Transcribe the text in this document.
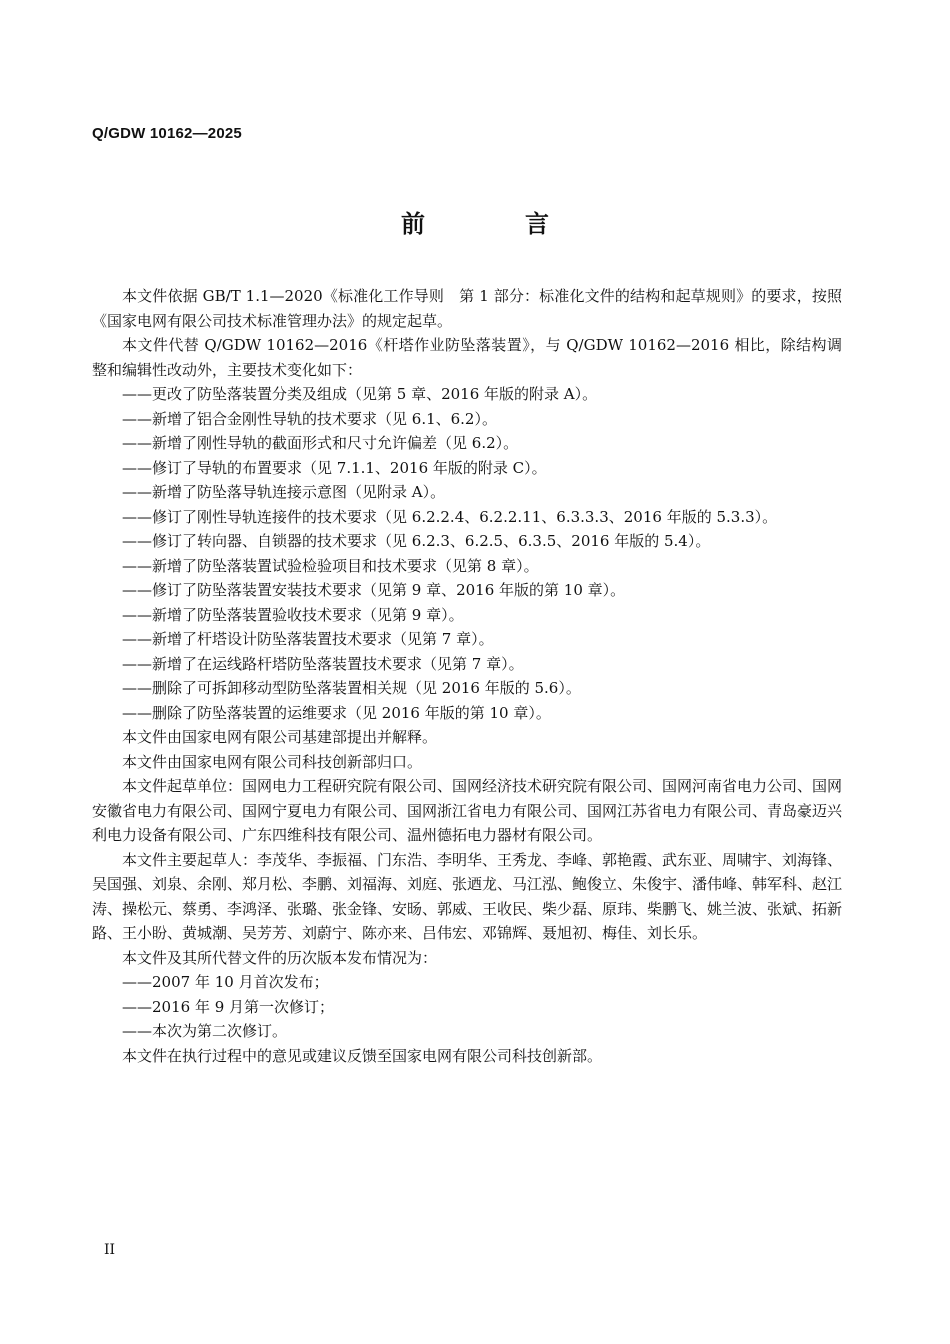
Q/GDW 10162—2025
前　言

本文件依据 GB/T 1.1—2020《标准化工作导则　第 1 部分：标准化文件的结构和起草规则》的要求，按照《国家电网有限公司技术标准管理办法》的规定起草。

本文件代替 Q/GDW 10162—2016《杆塔作业防坠落装置》，与 Q/GDW 10162—2016 相比，除结构调整和编辑性改动外，主要技术变化如下：

——更改了防坠落装置分类及组成（见第 5 章、2016 年版的附录 A）。

——新增了铝合金刚性导轨的技术要求（见 6.1、6.2）。

——新增了刚性导轨的截面形式和尺寸允许偏差（见 6.2）。

——修订了导轨的布置要求（见 7.1.1、2016 年版的附录 C）。

——新增了防坠落导轨连接示意图（见附录 A）。

——修订了刚性导轨连接件的技术要求（见 6.2.2.4、6.2.2.11、6.3.3.3、2016 年版的 5.3.3）。

——修订了转向器、自锁器的技术要求（见 6.2.3、6.2.5、6.3.5、2016 年版的 5.4）。

——新增了防坠落装置试验检验项目和技术要求（见第 8 章）。

——修订了防坠落装置安装技术要求（见第 9 章、2016 年版的第 10 章）。

——新增了防坠落装置验收技术要求（见第 9 章）。

——新增了杆塔设计防坠落装置技术要求（见第 7 章）。

——新增了在运线路杆塔防坠落装置技术要求（见第 7 章）。

——删除了可拆卸移动型防坠落装置相关规（见 2016 年版的 5.6）。

——删除了防坠落装置的运维要求（见 2016 年版的第 10 章）。

本文件由国家电网有限公司基建部提出并解释。

本文件由国家电网有限公司科技创新部归口。

本文件起草单位：国网电力工程研究院有限公司、国网经济技术研究院有限公司、国网河南省电力公司、国网安徽省电力有限公司、国网宁夏电力有限公司、国网浙江省电力有限公司、国网江苏省电力有限公司、青岛豪迈兴利电力设备有限公司、广东四维科技有限公司、温州德拓电力器材有限公司。

本文件主要起草人：李茂华、李振福、门东浩、李明华、王秀龙、李峰、郭艳霞、武东亚、周啸宇、刘海锋、吴国强、刘泉、余刚、郑月松、李鹏、刘福海、刘庭、张迺龙、马江泓、鲍俊立、朱俊宇、潘伟峰、韩军科、赵江涛、操松元、蔡勇、李鸿泽、张璐、张金锋、安旸、郭威、王收民、柴少磊、原玮、柴鹏飞、姚兰波、张斌、拓新路、王小盼、黄城潮、吴芳芳、刘蔚宁、陈亦来、吕伟宏、邓锦辉、聂旭初、梅佳、刘长乐。

本文件及其所代替文件的历次版本发布情况为：

——2007 年 10 月首次发布；

——2016 年 9 月第一次修订；

——本次为第二次修订。

本文件在执行过程中的意见或建议反馈至国家电网有限公司科技创新部。

II
